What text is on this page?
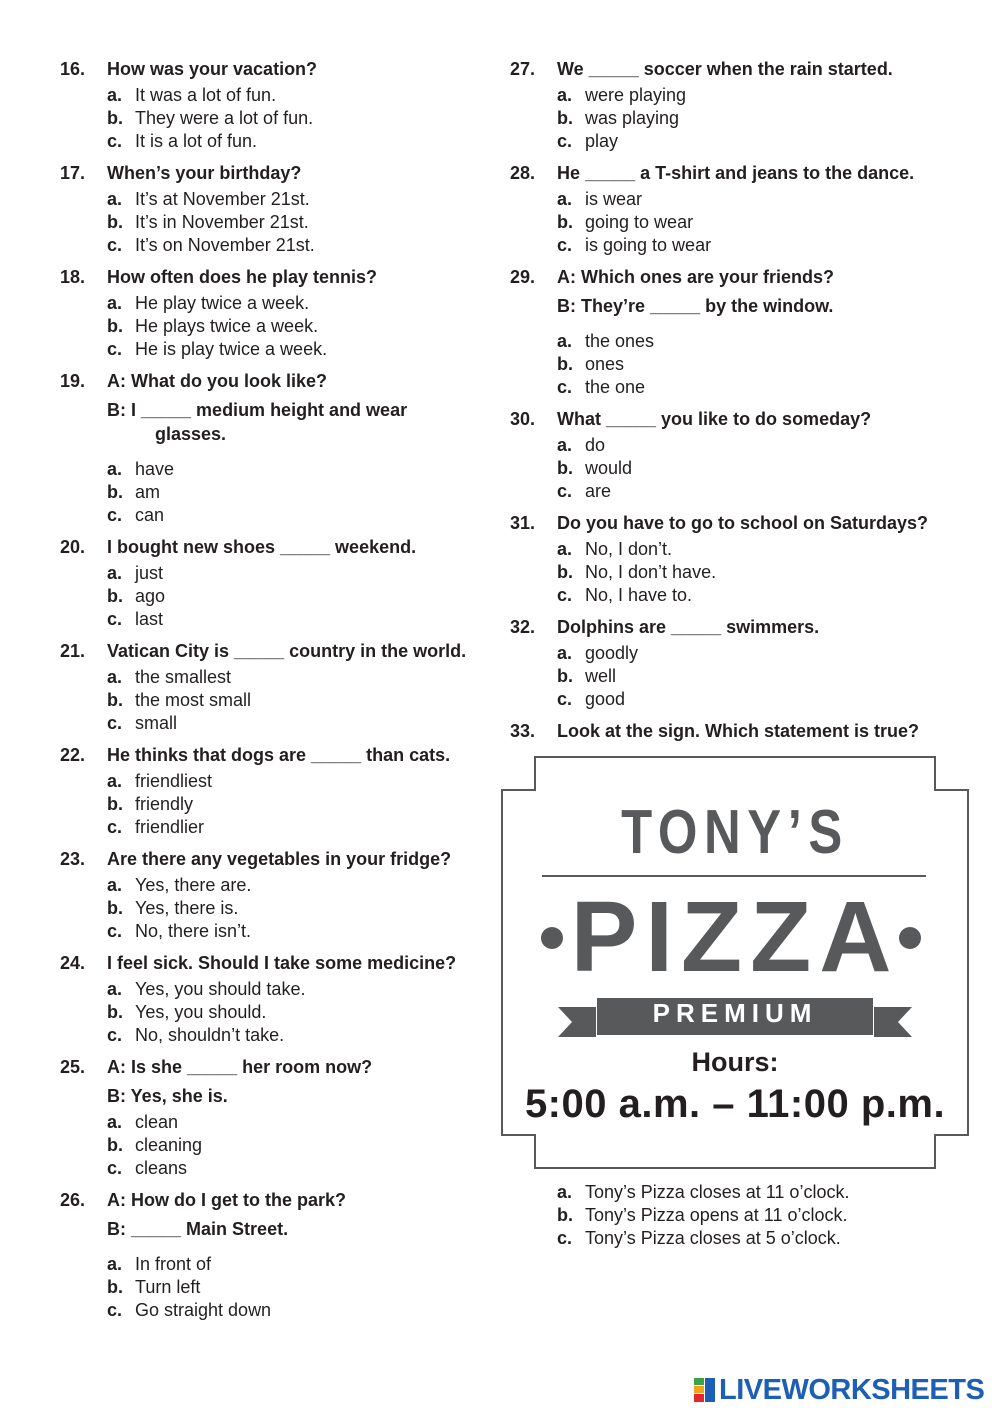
16.	How was your vacation?
a. It was a lot of fun.
b. They were a lot of fun.
c. It is a lot of fun.
17.	When’s your birthday?
a. It’s at November 21st.
b. It’s in November 21st.
c. It’s on November 21st.
18.	How often does he play tennis?
a. He play twice a week.
b. He plays twice a week.
c. He is play twice a week.
19.	A: What do you look like?
B: I _____ medium height and wear
glasses.
a. have
b. am
c. can
20.	I bought new shoes _____ weekend.
a. just
b. ago
c. last
21.	Vatican City is _____ country in the world.
a. the smallest
b. the most small
c. small
22.	He thinks that dogs are _____ than cats.
a. friendliest
b. friendly
c. friendlier
23.	Are there any vegetables in your fridge?
a. Yes, there are.
b. Yes, there is.
c. No, there isn’t.
24.	I feel sick. Should I take some medicine?
a. Yes, you should take.
b. Yes, you should.
c. No, shouldn’t take.
25.	A: Is she _____ her room now?
B: Yes, she is.
a. clean
b. cleaning
c. cleans
26.	A: How do I get to the park?
B: _____ Main Street.
a. In front of
b. Turn left
c. Go straight down
27.	We _____ soccer when the rain started.
a. were playing
b. was playing
c. play
28.	He _____ a T-shirt and jeans to the dance.
a. is wear
b. going to wear
c. is going to wear
29.	A: Which ones are your friends?
B: They’re _____ by the window.
a. the ones
b. ones
c. the one
30.	What _____ you like to do someday?
a. do
b. would
c. are
31.	Do you have to go to school on Saturdays?
a. No, I don’t.
b. No, I don’t have.
c. No, I have to.
32.	Dolphins are _____ swimmers.
a. goodly
b. well
c. good
33.	Look at the sign. Which statement is true?
TONY’S
PIZZA
PREMIUM
Hours:
5:00 a.m. – 11:00 p.m.
a. Tony’s Pizza closes at 11 o’clock.
b. Tony’s Pizza opens at 11 o’clock.
c. Tony’s Pizza closes at 5 o’clock.
LIVEWORKSHEETS
